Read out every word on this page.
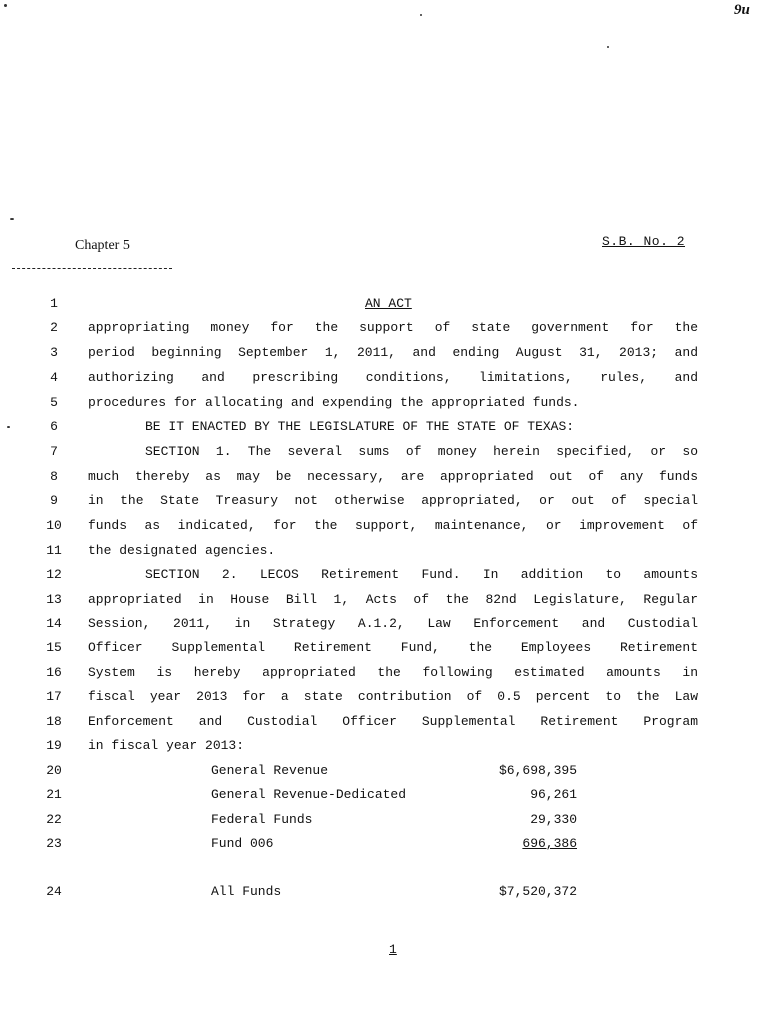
9u
Chapter 5	S.B. No. 2
1	AN ACT
2	appropriating money for the support of state government for the
3	period beginning September 1, 2011, and ending August 31, 2013; and
4	authorizing and prescribing conditions, limitations, rules, and
5	procedures for allocating and expending the appropriated funds.
6	BE IT ENACTED BY THE LEGISLATURE OF THE STATE OF TEXAS:
7	SECTION 1. The several sums of money herein specified, or so
8	much thereby as may be necessary, are appropriated out of any funds
9	in the State Treasury not otherwise appropriated, or out of special
10	funds as indicated, for the support, maintenance, or improvement of
11	the designated agencies.
12	SECTION 2. LECOS Retirement Fund. In addition to amounts
13	appropriated in House Bill 1, Acts of the 82nd Legislature, Regular
14	Session, 2011, in Strategy A.1.2, Law Enforcement and Custodial
15	Officer Supplemental Retirement Fund, the Employees Retirement
16	System is hereby appropriated the following estimated amounts in
17	fiscal year 2013 for a state contribution of 0.5 percent to the Law
18	Enforcement and Custodial Officer Supplemental Retirement Program
19	in fiscal year 2013:
20	General Revenue	$6,698,395
21	General Revenue-Dedicated	96,261
22	Federal Funds	29,330
23	Fund 006	696,386
24	All Funds	$7,520,372
1
